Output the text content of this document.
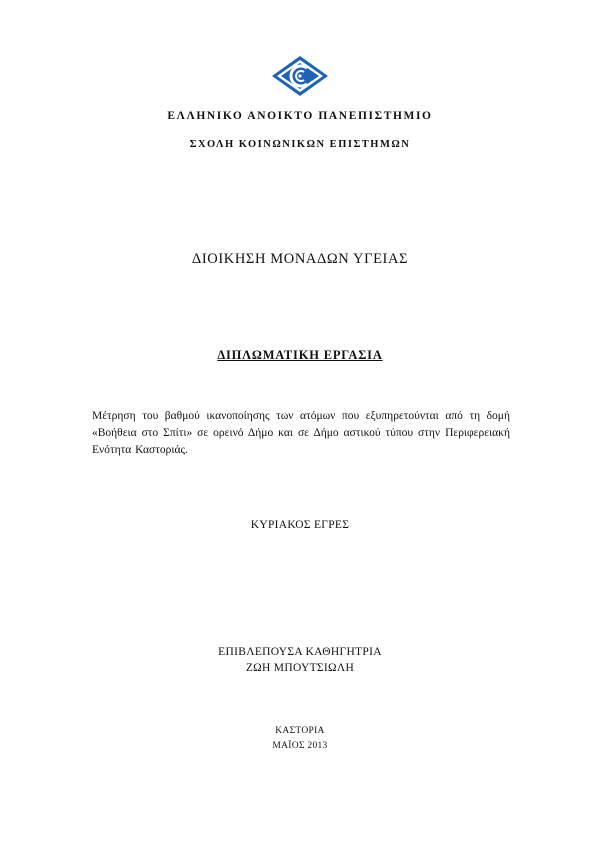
ΕΛΛΗΝΙΚΟ ΑΝΟΙΚΤΟ ΠΑΝΕΠΙΣΤΗΜΙΟ
ΣΧΟΛΗ ΚΟΙΝΩΝΙΚΩΝ ΕΠΙΣΤΗΜΩΝ
ΔΙΟΙΚΗΣΗ ΜΟΝΑΔΩΝ ΥΓΕΙΑΣ
ΔΙΠΛΩΜΑΤΙΚΗ ΕΡΓΑΣΙΑ
Μέτρηση του βαθμού ικανοποίησης των ατόμων που εξυπηρετούνται από τη δομή «Βοήθεια στο Σπίτι» σε ορεινό Δήμο και σε Δήμο αστικού τύπου στην Περιφερειακή Ενότητα Καστοριάς.
ΚΥΡΙΑΚΟΣ ΕΓΡΕΣ
ΕΠΙΒΛΕΠΟΥΣΑ ΚΑΘΗΓΗΤΡΙΑ
ΖΩΗ ΜΠΟΥΤΣΙΩΛΗ
ΚΑΣΤΟΡΙΑ
ΜΑΪΟΣ 2013
